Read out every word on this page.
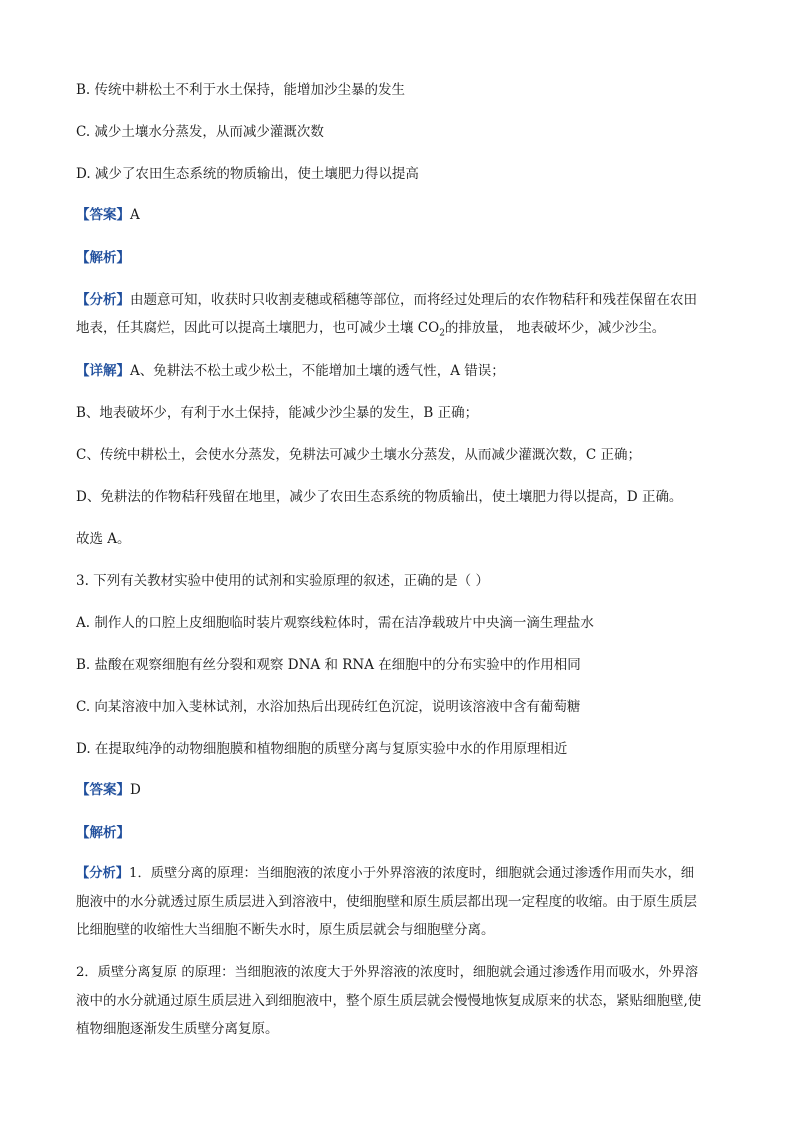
B. 传统中耕松土不利于水土保持，能增加沙尘暴的发生
C. 减少土壤水分蒸发，从而减少灌溉次数
D. 减少了农田生态系统的物质输出，使土壤肥力得以提高
【答案】A
【解析】
【分析】由题意可知，收获时只收割麦穗或稻穗等部位，而将经过处理后的农作物秸秆和残茬保留在农田
地表，任其腐烂，因此可以提高土壤肥力，也可减少土壤 $CO_2$的排放量， 地表破坏少，减少沙尘。
【详解】A、免耕法不松土或少松土，不能增加土壤的透气性，A 错误；
B、地表破坏少，有利于水土保持，能减少沙尘暴的发生，B 正确；
C、传统中耕松土，会使水分蒸发，免耕法可减少土壤水分蒸发，从而减少灌溉次数，C 正确；
D、免耕法的作物秸秆残留在地里，减少了农田生态系统的物质输出，使土壤肥力得以提高，D 正确。
故选 A。
3. 下列有关教材实验中使用的试剂和实验原理的叙述，正确的是（ ）
A. 制作人的口腔上皮细胞临时装片观察线粒体时，需在洁净载玻片中央滴一滴生理盐水
B. 盐酸在观察细胞有丝分裂和观察 DNA 和 RNA 在细胞中的分布实验中的作用相同
C. 向某溶液中加入斐林试剂，水浴加热后出现砖红色沉淀，说明该溶液中含有葡萄糖
D. 在提取纯净的动物细胞膜和植物细胞的质壁分离与复原实验中水的作用原理相近
【答案】D
【解析】
【分析】1．质壁分离的原理：当细胞液的浓度小于外界溶液的浓度时，细胞就会通过渗透作用而失水，细
胞液中的水分就透过原生质层进入到溶液中，使细胞壁和原生质层都出现一定程度的收缩。由于原生质层
比细胞壁的收缩性大当细胞不断失水时，原生质层就会与细胞壁分离。
2．质壁分离复原 的原理：当细胞液的浓度大于外界溶液的浓度时，细胞就会通过渗透作用而吸水，外界溶
液中的水分就通过原生质层进入到细胞液中，整个原生质层就会慢慢地恢复成原来的状态，紧贴细胞壁,使
植物细胞逐渐发生质壁分离复原。
